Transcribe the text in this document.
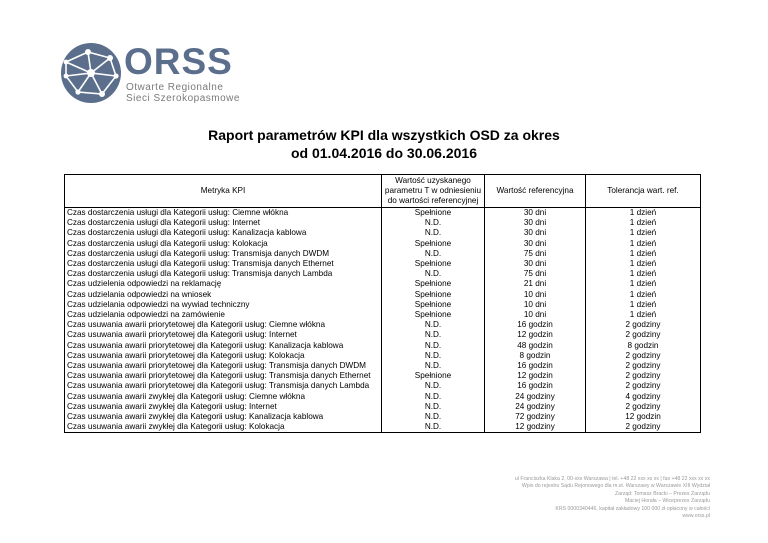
ORSS
Otwarte Regionalne
Sieci Szerokopasmowe
Raport parametrów KPI dla wszystkich OSD za okres
od 01.04.2016 do 30.06.2016
Metryka KPI	Wartość uzyskanego
parametru T w odniesieniu
do wartości referencyjnej	Wartość referencyjna	Tolerancja wart. ref.
Czas dostarczenia usługi dla Kategorii usług: Ciemne włókna	Spełnione	30 dni	1 dzień
Czas dostarczenia usługi dla Kategorii usług: Internet	N.D.	30 dni	1 dzień
Czas dostarczenia usługi dla Kategorii usług: Kanalizacja kablowa	N.D.	30 dni	1 dzień
Czas dostarczenia usługi dla Kategorii usług: Kolokacja	Spełnione	30 dni	1 dzień
Czas dostarczenia usługi dla Kategorii usług: Transmisja danych DWDM	N.D.	75 dni	1 dzień
Czas dostarczenia usługi dla Kategorii usług: Transmisja danych Ethernet	Spełnione	30 dni	1 dzień
Czas dostarczenia usługi dla Kategorii usług: Transmisja danych Lambda	N.D.	75 dni	1 dzień
Czas udzielenia odpowiedzi na reklamację	Spełnione	21 dni	1 dzień
Czas udzielania odpowiedzi na wniosek	Spełnione	10 dni	1 dzień
Czas udzielania odpowiedzi na wywiad techniczny	Spełnione	10 dni	1 dzień
Czas udzielania odpowiedzi na zamówienie	Spełnione	10 dni	1 dzień
Czas usuwania awarii priorytetowej dla Kategorii usług: Ciemne włókna	N.D.	16 godzin	2 godziny
Czas usuwania awarii priorytetowej dla Kategorii usług: Internet	N.D.	12 godzin	2 godziny
Czas usuwania awarii priorytetowej dla Kategorii usług: Kanalizacja kablowa	N.D.	48 godzin	8 godzin
Czas usuwania awarii priorytetowej dla Kategorii usług: Kolokacja	N.D.	8 godzin	2 godziny
Czas usuwania awarii priorytetowej dla Kategorii usług: Transmisja danych DWDM	N.D.	16 godzin	2 godziny
Czas usuwania awarii priorytetowej dla Kategorii usług: Transmisja danych Ethernet	Spełnione	12 godzin	2 godziny
Czas usuwania awarii priorytetowej dla Kategorii usług: Transmisja danych Lambda	N.D.	16 godzin	2 godziny
Czas usuwania awarii zwykłej dla Kategorii usług: Ciemne włókna	N.D.	24 godziny	4 godziny
Czas usuwania awarii zwykłej dla Kategorii usług: Internet	N.D.	24 godziny	2 godziny
Czas usuwania awarii zwykłej dla Kategorii usług: Kanalizacja kablowa	N.D.	72 godziny	12 godzin
Czas usuwania awarii zwykłej dla Kategorii usług: Kolokacja	N.D.	12 godziny	2 godziny
ul Franciszka Klaka 2, 00-xxx Warszawa | tel. +48 22 xxx xx xx | fax +48 22 xxx xx xx
Wpis do rejestru Sądu Rejonowego dla m.st. Warszawy w Warszawie XIII Wydział
Zarząd: Tomasz Bracki – Prezes Zarządu
Maciej Horała – Wiceprezes Zarządu
KRS 0000340446, kapitał zakładowy 100 000 zł opłacony w całości
www.orss.pl
